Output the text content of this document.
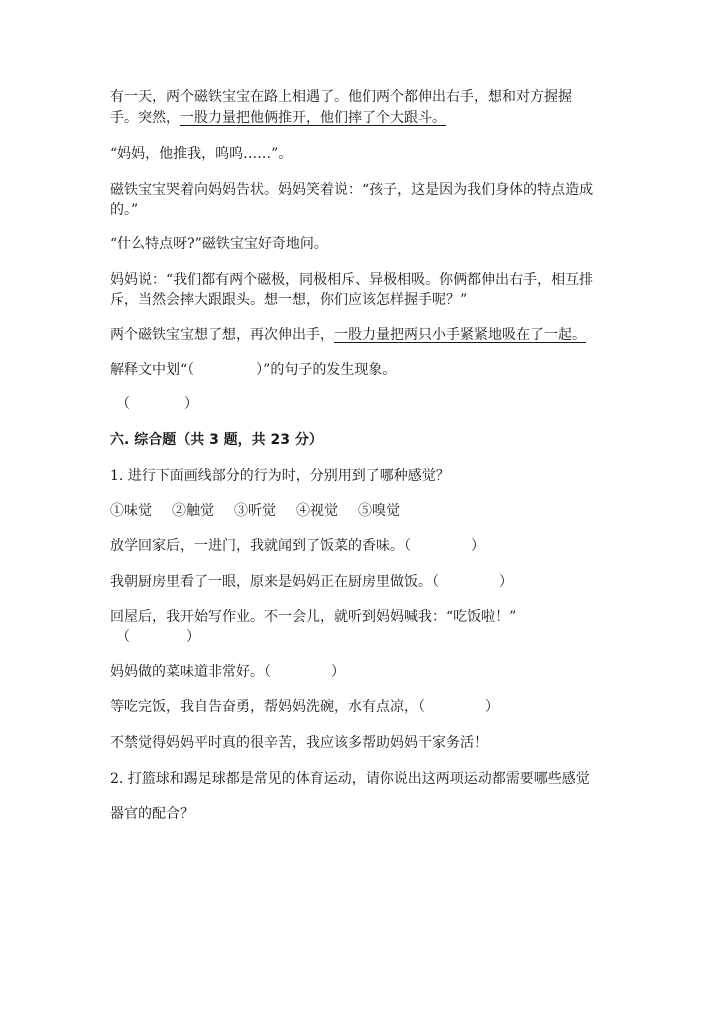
有一天，两个磁铁宝宝在路上相遇了。他们两个都伸出右手，想和对方握握
手。突然，一股力量把他俩推开，他们摔了个大跟斗。
“妈妈，他推我，呜呜……”。
磁铁宝宝哭着向妈妈告状。妈妈笑着说：“孩子，这是因为我们身体的特点造成
的。”
“什么特点呀?”磁铁宝宝好奇地问。
妈妈说：“我们都有两个磁极，同极相斥、异极相吸。你俩都伸出右手，相互排
斥，当然会摔大跟跟头。想一想，你们应该怎样握手呢？”
两个磁铁宝宝想了想，再次伸出手，一股力量把两只小手紧紧地吸在了一起。
解释文中划“（	）”的句子的发生现象。
（	）
六. 综合题（共 3 题，共 23 分）
1. 进行下面画线部分的行为时，分别用到了哪种感觉？
①味觉 ②触觉 ③听觉 ④视觉 ⑤嗅觉
放学回家后，一进门，我就闻到了饭菜的香味。（	）
我朝厨房里看了一眼，原来是妈妈正在厨房里做饭。（	）
回屋后，我开始写作业。不一会儿，就听到妈妈喊我：“吃饭啦！”
（	）
妈妈做的菜味道非常好。（	）
等吃完饭，我自告奋勇，帮妈妈洗碗，水有点凉，（	）
不禁觉得妈妈平时真的很辛苦，我应该多帮助妈妈干家务活！
2. 打篮球和踢足球都是常见的体育运动，请你说出这两项运动都需要哪些感觉
器官的配合？
